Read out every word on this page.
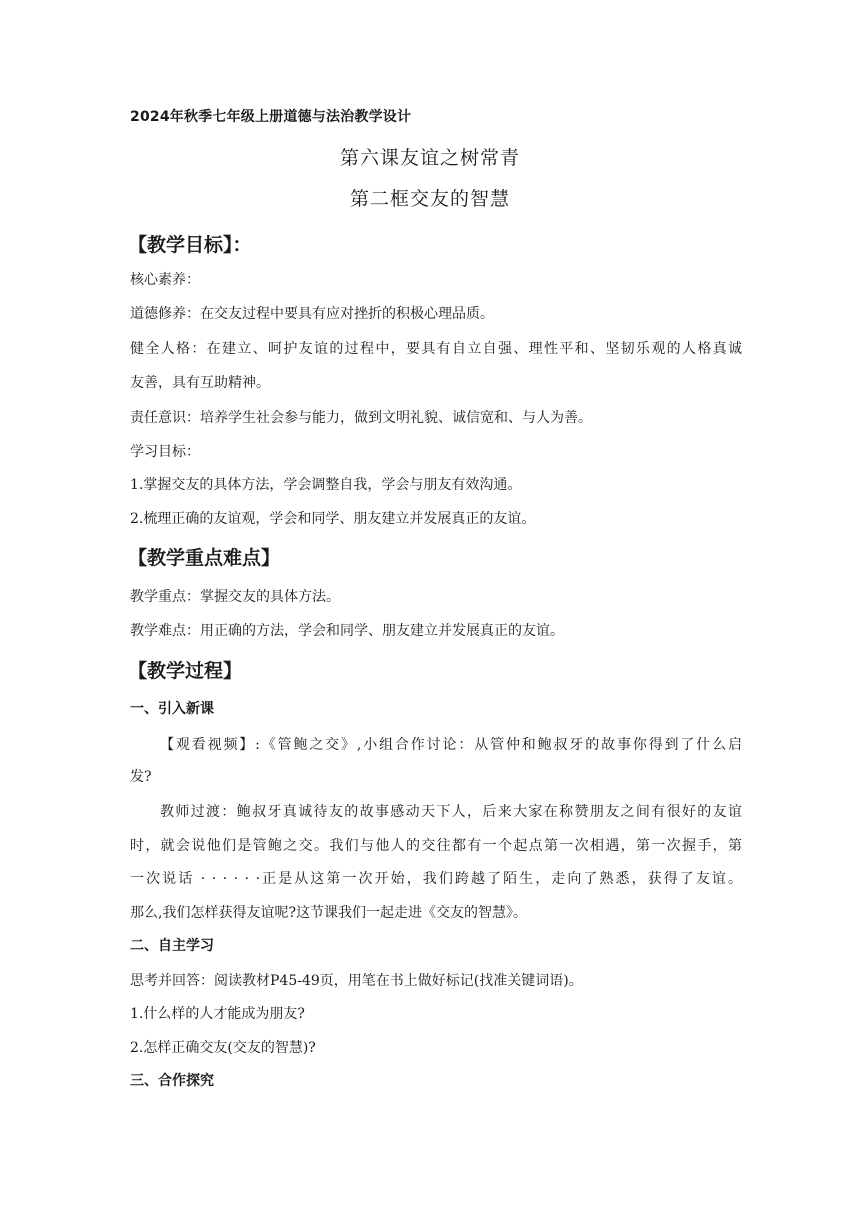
2024年秋季七年级上册道德与法治教学设计
第六课友谊之树常青
第二框交友的智慧
【教学目标】：
核心素养：
道德修养：在交友过程中要具有应对挫折的积极心理品质。
健全人格：在建立、呵护友谊的过程中，要具有自立自强、理性平和、坚韧乐观的人格真诚
友善，具有互助精神。
责任意识：培养学生社会参与能力，做到文明礼貌、诚信宽和、与人为善。
学习目标：
1.掌握交友的具体方法，学会调整自我，学会与朋友有效沟通。
2.梳理正确的友谊观，学会和同学、朋友建立并发展真正的友谊。
【教学重点难点】
教学重点：掌握交友的具体方法。
教学难点：用正确的方法，学会和同学、朋友建立并发展真正的友谊。
【教学过程】
一、引入新课
【观看视频】:《管鲍之交》,小组合作讨论：从管仲和鲍叔牙的故事你得到了什么启
发?
教师过渡：鲍叔牙真诚待友的故事感动天下人，后来大家在称赞朋友之间有很好的友谊
时，就会说他们是管鲍之交。我们与他人的交往都有一个起点第一次相遇，第一次握手，第
一次说话 · · · · · ·正是从这第一次开始，我们跨越了陌生，走向了熟悉，获得了友谊。
那么,我们怎样获得友谊呢?这节课我们一起走进《交友的智慧》。
二、自主学习
思考并回答：阅读教材P45-49页，用笔在书上做好标记(找准关键词语)。
1.什么样的人才能成为朋友?
2.怎样正确交友(交友的智慧)?
三、合作探究
